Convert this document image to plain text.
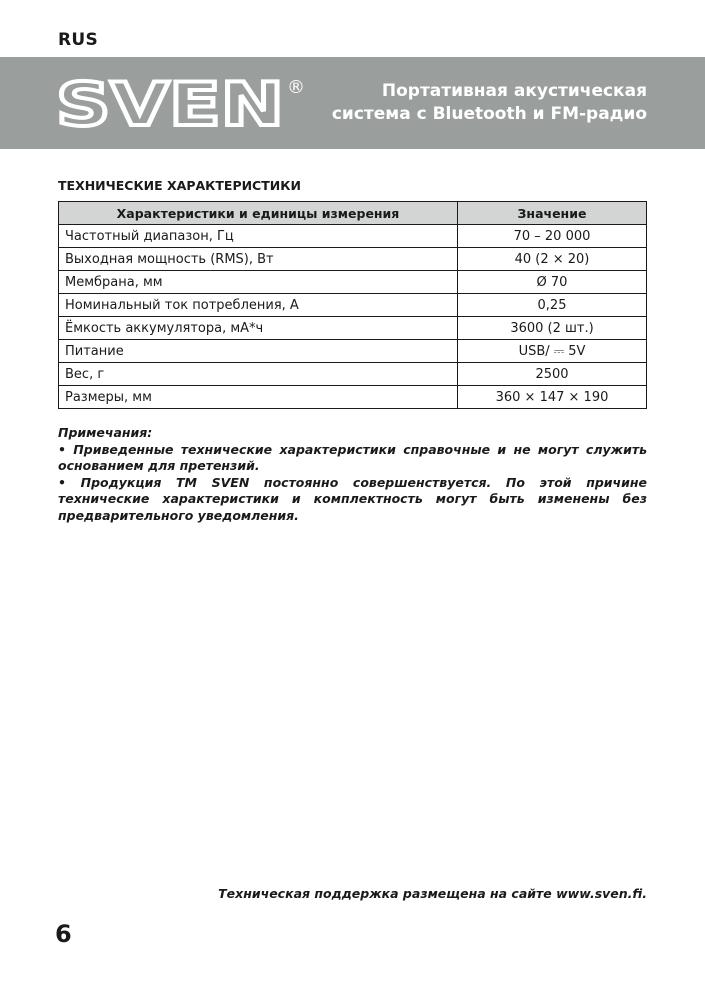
RUS
SVEN ®	Портативная акустическая
система с Bluetooth и FM-радио
ТЕХНИЧЕСКИЕ ХАРАКТЕРИСТИКИ
Характеристики и единицы измерения	Значение
Частотный диапазон, Гц	70 – 20 000
Выходная мощность (RMS), Вт	40 (2 × 20)
Мембрана, мм	Ø 70
Номинальный ток потребления, А	0,25
Ёмкость аккумулятора, мА*ч	3600 (2 шт.)
Питание	USB/ ⎓ 5V
Вес, г	2500
Размеры, мм	360 × 147 × 190

Примечания:

• Приведенные технические характеристики справочные и не могут служить основанием для претензий.

• Продукция ТМ SVEN постоянно совершенствуется. По этой причине технические характеристики и комплектность могут быть изменены без предварительного уведомления.

Техническая поддержка размещена на сайте www.sven.fi.
6
